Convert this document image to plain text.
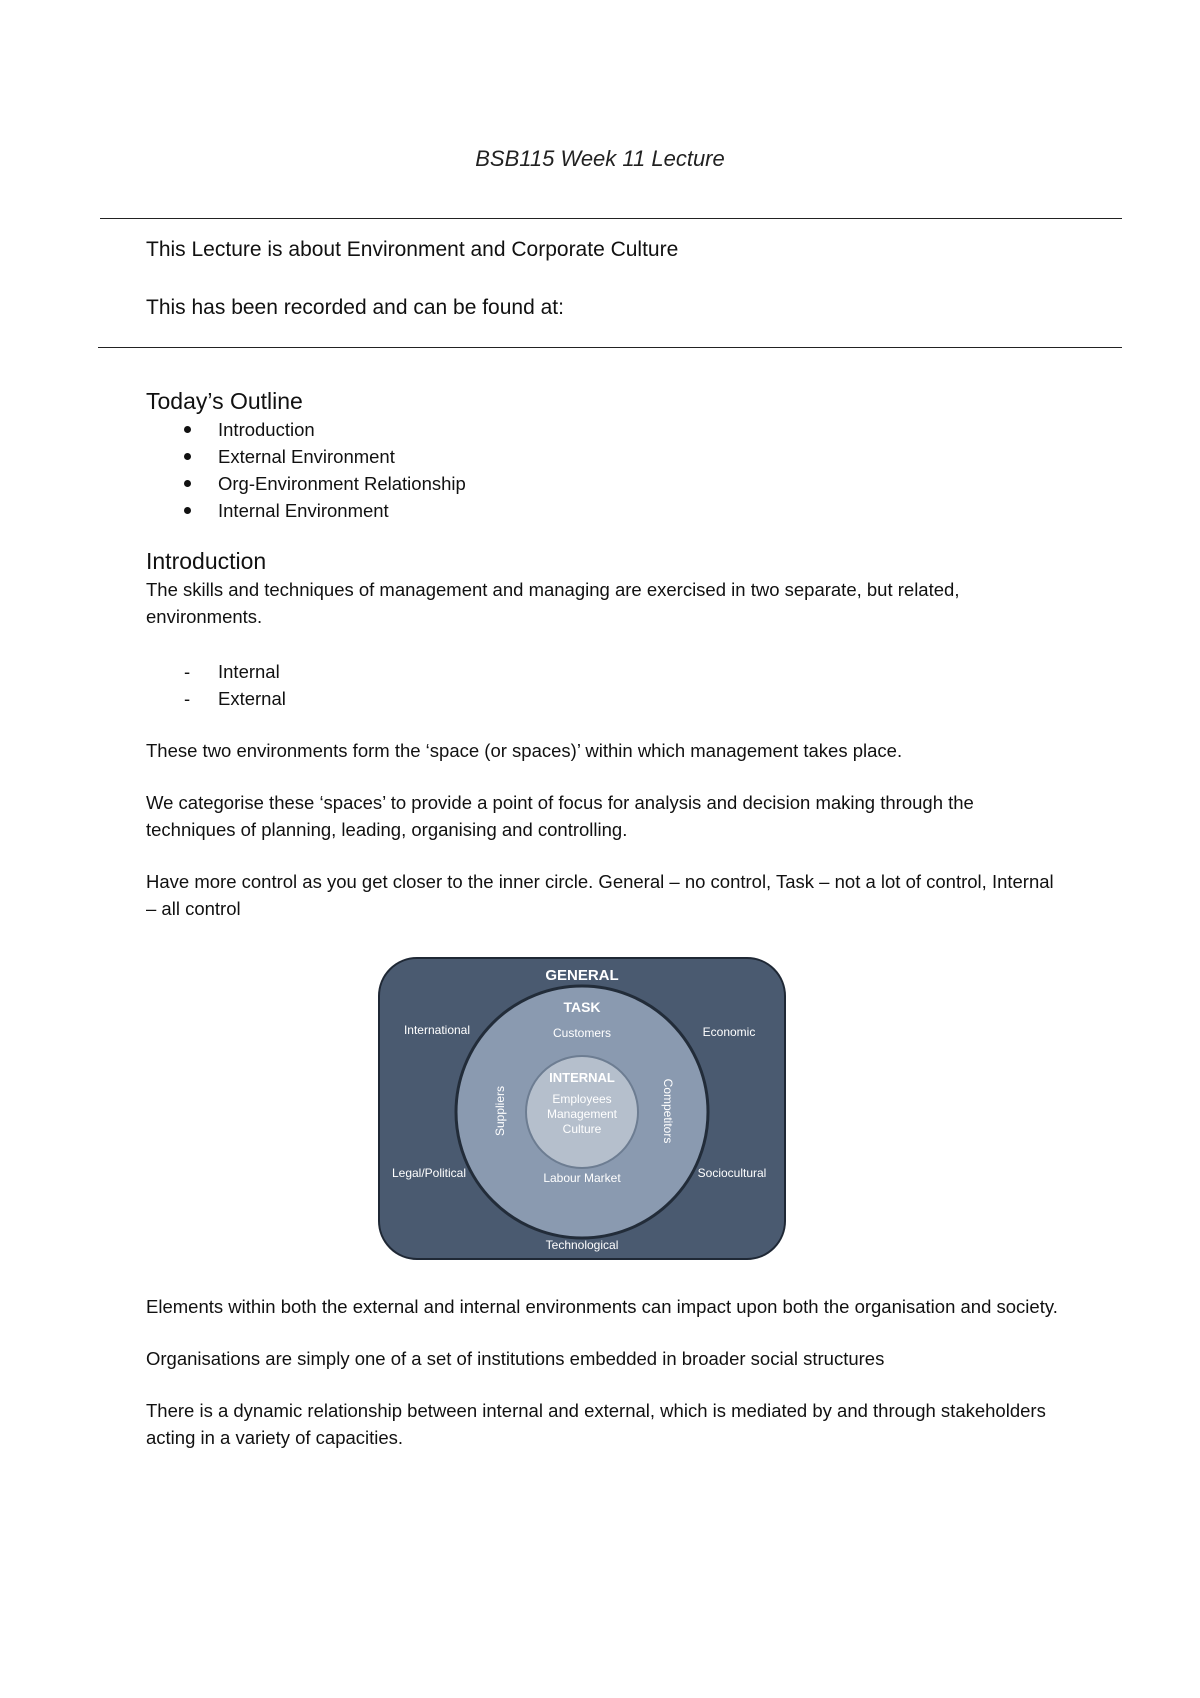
BSB115 Week 11 Lecture
This Lecture is about Environment and Corporate Culture
This has been recorded and can be found at:
Today’s Outline
Introduction
External Environment
Org-Environment Relationship
Internal Environment
Introduction

The skills and techniques of management and managing are exercised in two separate, but related, environments.

- Internal
- External

These two environments form the ‘space (or spaces)’ within which management takes place.

We categorise these ‘spaces’ to provide a point of focus for analysis and decision making through the techniques of planning, leading, organising and controlling.

Have more control as you get closer to the inner circle. General – no control, Task – not a lot of control, Internal – all control

GENERAL
TASK
Customers
INTERNAL
Employees
Management
Culture
Labour Market
Suppliers	Competitors
International	Economic
Legal/Political	Sociocultural
Technological

Elements within both the external and internal environments can impact upon both the organisation and society.

Organisations are simply one of a set of institutions embedded in broader social structures

There is a dynamic relationship between internal and external, which is mediated by and through stakeholders acting in a variety of capacities.
